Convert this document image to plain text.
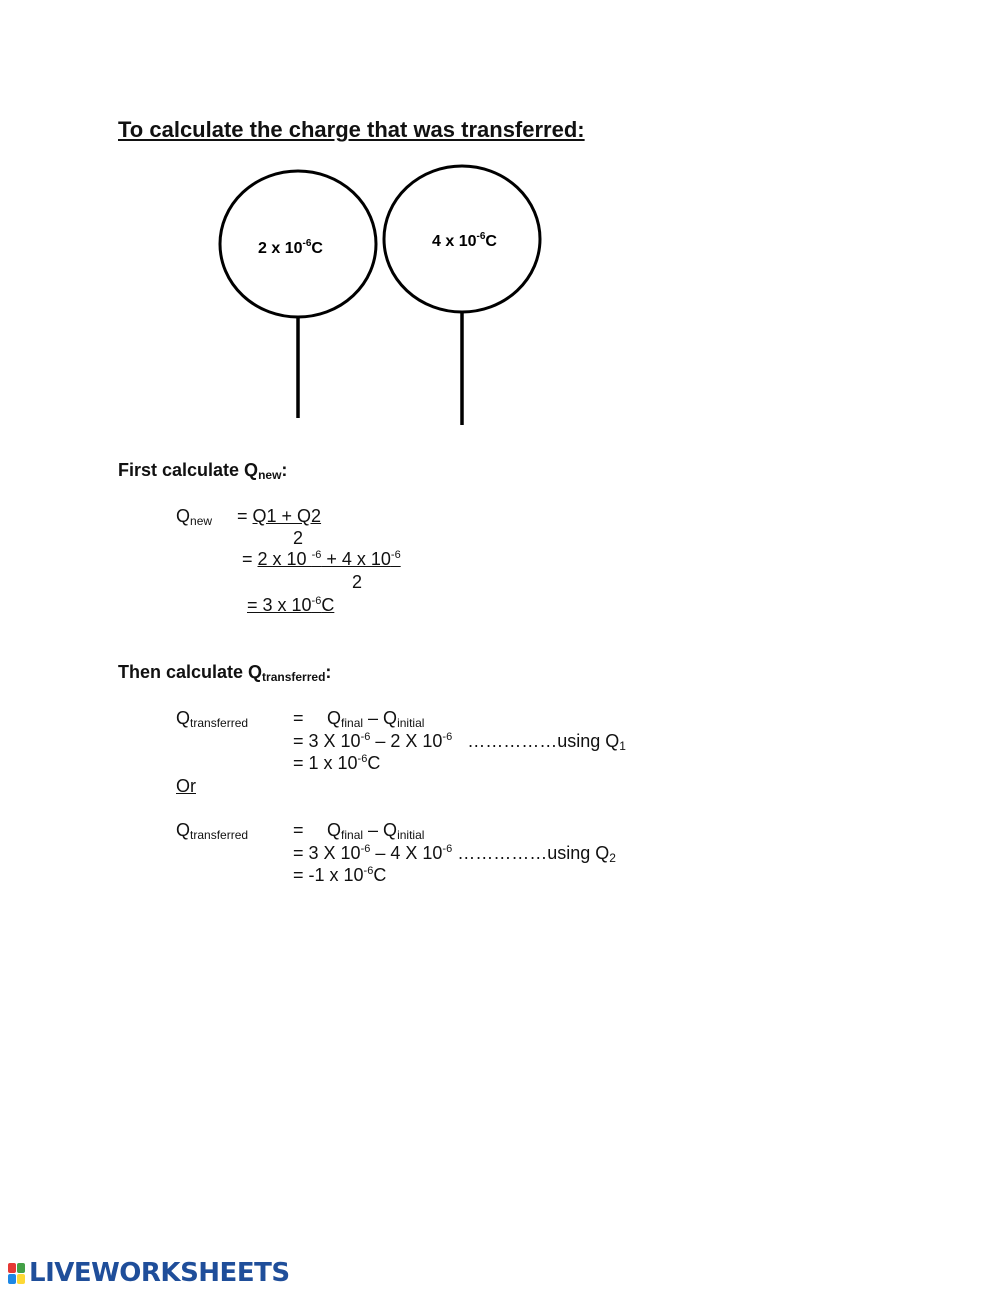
To calculate the charge that was transferred:
2 x $10^{-6}C$	4 x $10^{-6}C$
First calculate $Q_{new}$:
$Q_{new} = Q1 + Q2$
2
= 2 x 10 $^{-6}$ + 4 x $10^{-6}$
2
= 3 x $10^{-6}C$
Then calculate $Q_{transferred}$:
$Q_{transferred} = Q_{final} - Q_{initial}$
= 3 X $10^{-6} - 2$ X $10^{-6}$ ……………using $Q_1$
= 1 x $10^{-6}C$
Or
$Q_{transferred} = Q_{final} - Q_{initial}$
= 3 X $10^{-6} - 4$ X $10^{-6}$ ……………using $Q_2$
= -1 x $10^{-6}C$
LIVEWORKSHEETS
